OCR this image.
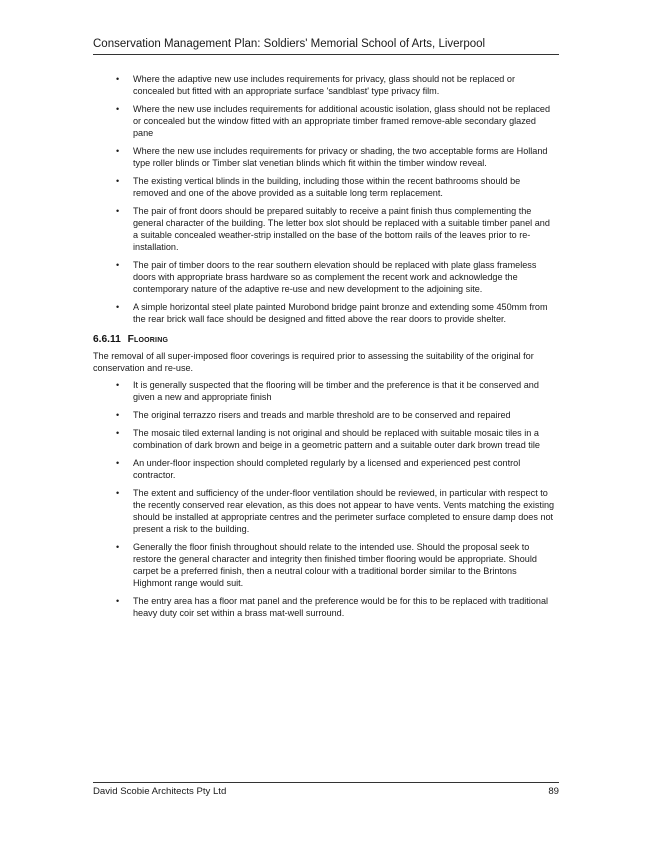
Conservation Management Plan: Soldiers' Memorial School of Arts, Liverpool
• Where the adaptive new use includes requirements for privacy, glass should not be replaced or concealed but fitted with an appropriate surface 'sandblast' type privacy film.
• Where the new use includes requirements for additional acoustic isolation, glass should not be replaced or concealed but the window fitted with an appropriate timber framed remove-able secondary glazed pane
• Where the new use includes requirements for privacy or shading, the two acceptable forms are Holland type roller blinds or Timber slat venetian blinds which fit within the timber window reveal.
• The existing vertical blinds in the building, including those within the recent bathrooms should be removed and one of the above provided as a suitable long term replacement.
• The pair of front doors should be prepared suitably to receive a paint finish thus complementing the general character of the building. The letter box slot should be replaced with a suitable timber panel and a suitable concealed weather-strip installed on the base of the bottom rails of the leaves prior to re-installation.
• The pair of timber doors to the rear southern elevation should be replaced with plate glass frameless doors with appropriate brass hardware so as complement the recent work and acknowledge the contemporary nature of the adaptive re-use and new development to the adjoining site.
• A simple horizontal steel plate painted Murobond bridge paint bronze and extending some 450mm from the rear brick wall face should be designed and fitted above the rear doors to provide shelter.
6.6.11 Flooring

The removal of all super-imposed floor coverings is required prior to assessing the suitability of the original for conservation and re-use.

• It is generally suspected that the flooring will be timber and the preference is that it be conserved and given a new and appropriate finish
• The original terrazzo risers and treads and marble threshold are to be conserved and repaired
• The mosaic tiled external landing is not original and should be replaced with suitable mosaic tiles in a combination of dark brown and beige in a geometric pattern and a suitable outer dark brown tread tile
• An under-floor inspection should completed regularly by a licensed and experienced pest control contractor.
• The extent and sufficiency of the under-floor ventilation should be reviewed, in particular with respect to the recently conserved rear elevation, as this does not appear to have vents. Vents matching the existing should be installed at appropriate centres and the perimeter surface completed to ensure damp does not present a risk to the building.
• Generally the floor finish throughout should relate to the intended use. Should the proposal seek to restore the general character and integrity then finished timber flooring would be appropriate. Should carpet be a preferred finish, then a neutral colour with a traditional border similar to the Brintons Highmont range would suit.
• The entry area has a floor mat panel and the preference would be for this to be replaced with traditional heavy duty coir set within a brass mat-well surround.
David Scobie Architects Pty Ltd	89
